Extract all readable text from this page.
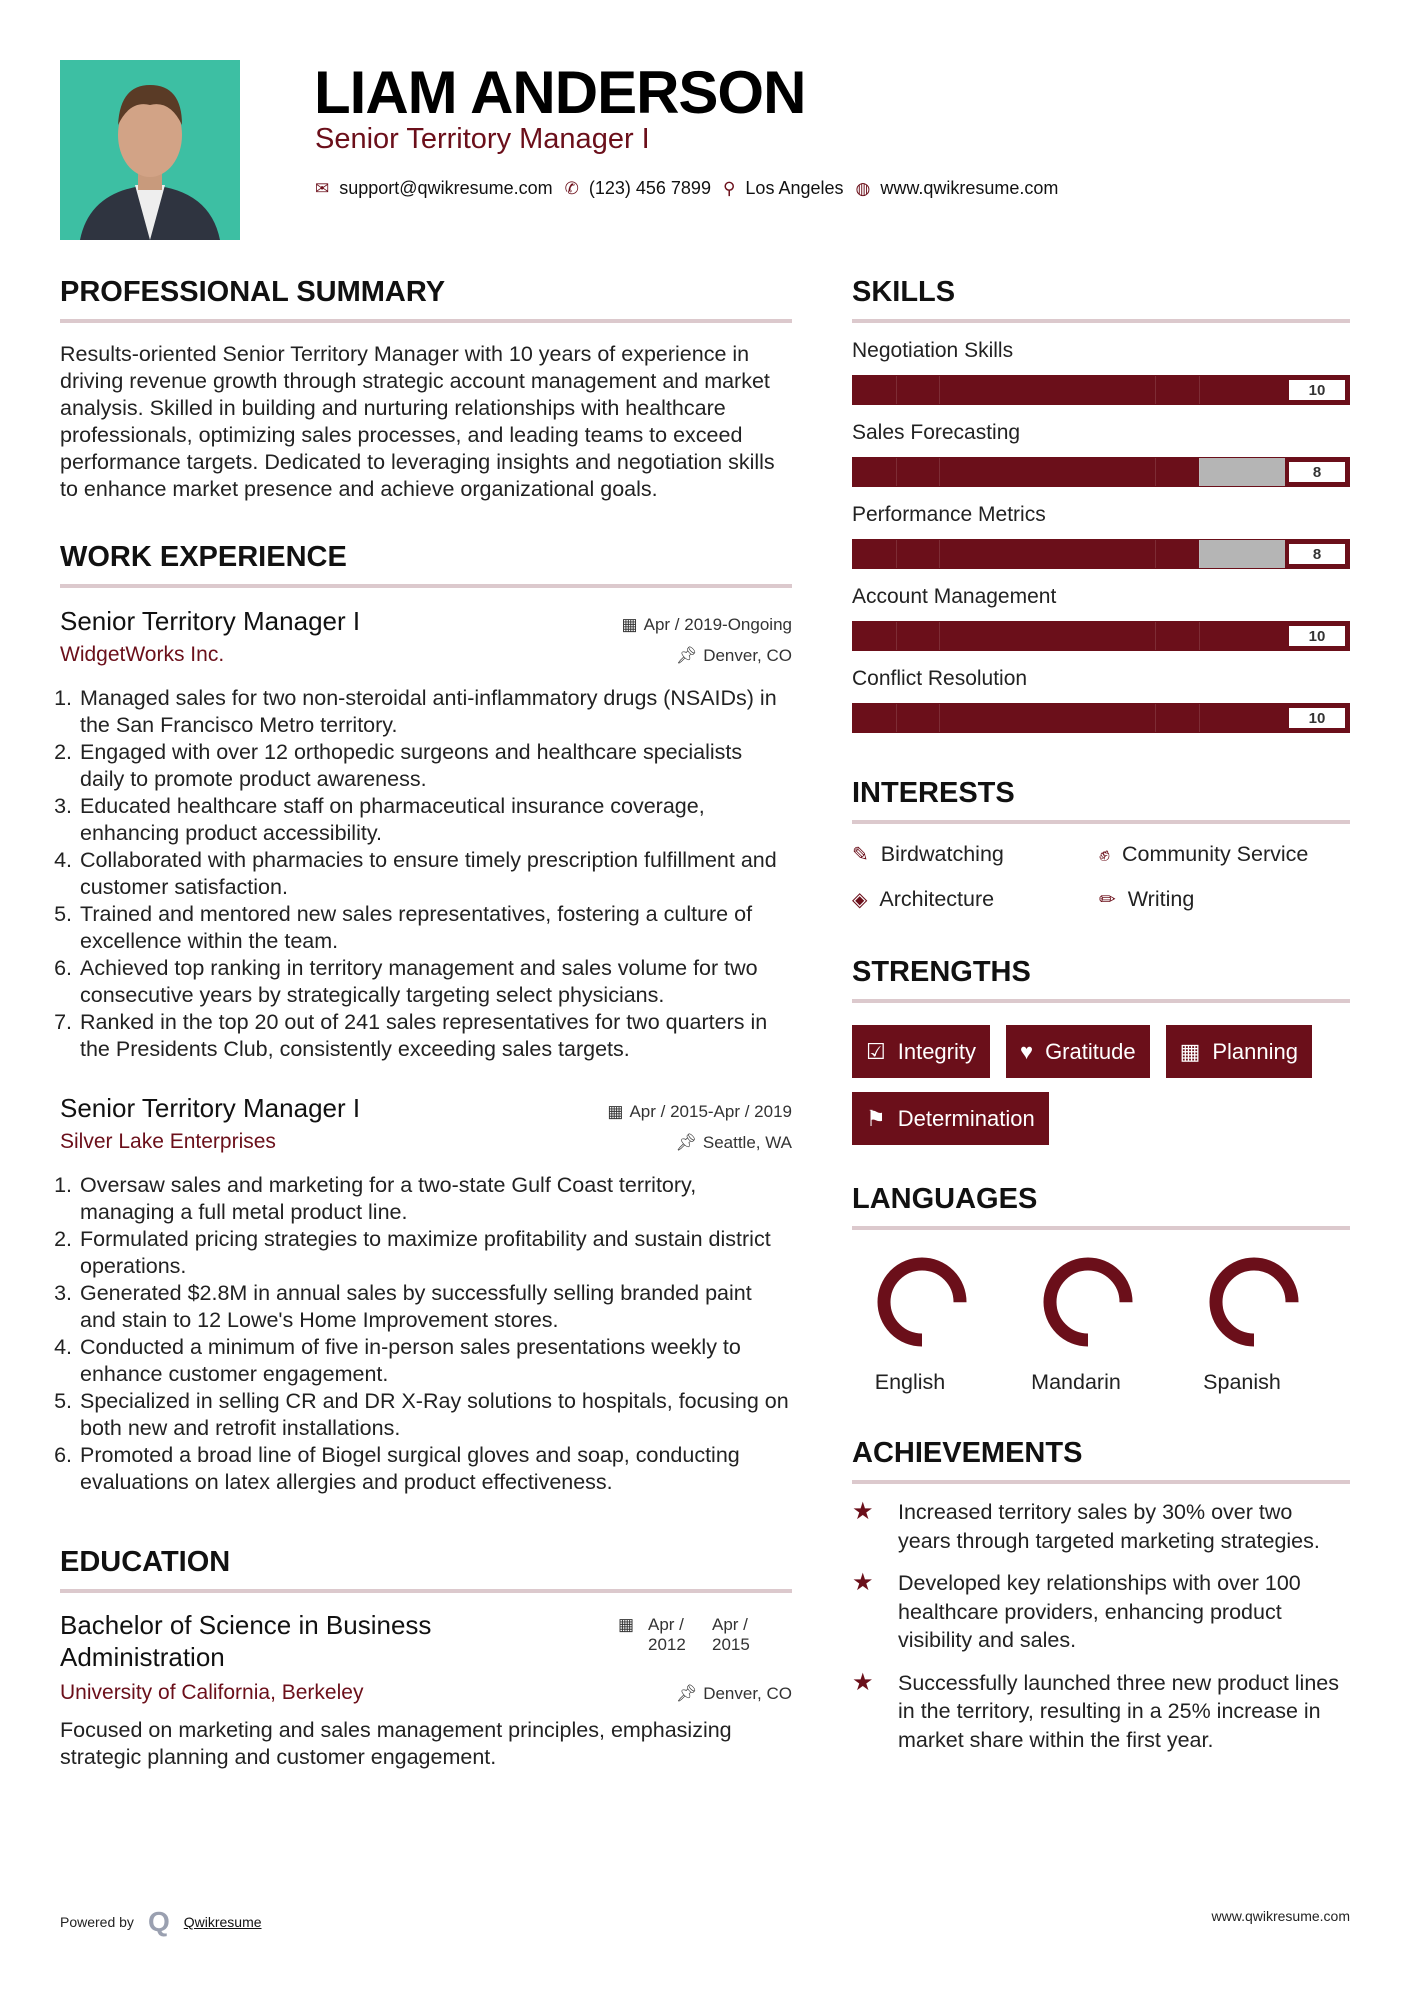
LIAM ANDERSON
Senior Territory Manager I
✉ support@qwikresume.com ✆ (123) 456 7899 ⚲ Los Angeles ◍ www.qwikresume.com
PROFESSIONAL SUMMARY

Results-oriented Senior Territory Manager with 10 years of experience in driving revenue growth through strategic account management and market analysis. Skilled in building and nurturing relationships with healthcare professionals, optimizing sales processes, and leading teams to exceed performance targets. Dedicated to leveraging insights and negotiation skills to enhance market presence and achieve organizational goals.

WORK EXPERIENCE
Senior Territory Manager I	▦ Apr / 2019-Ongoing
WidgetWorks Inc.	📌︎ Denver, CO
1. Managed sales for two non-steroidal anti-inflammatory drugs (NSAIDs) in the San Francisco Metro territory.
2. Engaged with over 12 orthopedic surgeons and healthcare specialists daily to promote product awareness.
3. Educated healthcare staff on pharmaceutical insurance coverage, enhancing product accessibility.
4. Collaborated with pharmacies to ensure timely prescription fulfillment and customer satisfaction.
5. Trained and mentored new sales representatives, fostering a culture of excellence within the team.
6. Achieved top ranking in territory management and sales volume for two consecutive years by strategically targeting select physicians.
7. Ranked in the top 20 out of 241 sales representatives for two quarters in the Presidents Club, consistently exceeding sales targets.
Senior Territory Manager I	▦ Apr / 2015-Apr / 2019
Silver Lake Enterprises	📌︎ Seattle, WA
1. Oversaw sales and marketing for a two-state Gulf Coast territory, managing a full metal product line.
2. Formulated pricing strategies to maximize profitability and sustain district operations.
3. Generated $2.8M in annual sales by successfully selling branded paint and stain to 12 Lowe's Home Improvement stores.
4. Conducted a minimum of five in-person sales presentations weekly to enhance customer engagement.
5. Specialized in selling CR and DR X-Ray solutions to hospitals, focusing on both new and retrofit installations.
6. Promoted a broad line of Biogel surgical gloves and soap, conducting evaluations on latex allergies and product effectiveness.
EDUCATION
Bachelor of Science in Business Administration
▦ Apr / 2012
Apr / 2015
University of California, Berkeley	📌︎ Denver, CO

Focused on marketing and sales management principles, emphasizing strategic planning and customer engagement.

SKILLS
Negotiation Skills
10
Sales Forecasting
8
Performance Metrics
8
Account Management
10
Conflict Resolution
10
INTERESTS
✎ Birdwatching	✊︎ Community Service
◈ Architecture	✏︎ Writing
STRENGTHS
☑ Integrity ♥ Gratitude ▦ Planning
⚑ Determination
LANGUAGES
English	Mandarin	Spanish
ACHIEVEMENTS
★	Increased territory sales by 30% over two years through targeted marketing strategies.
★	Developed key relationships with over 100 healthcare providers, enhancing product visibility and sales.
★	Successfully launched three new product lines in the territory, resulting in a 25% increase in market share within the first year.
Powered by Q Qwikresume	www.qwikresume.com
